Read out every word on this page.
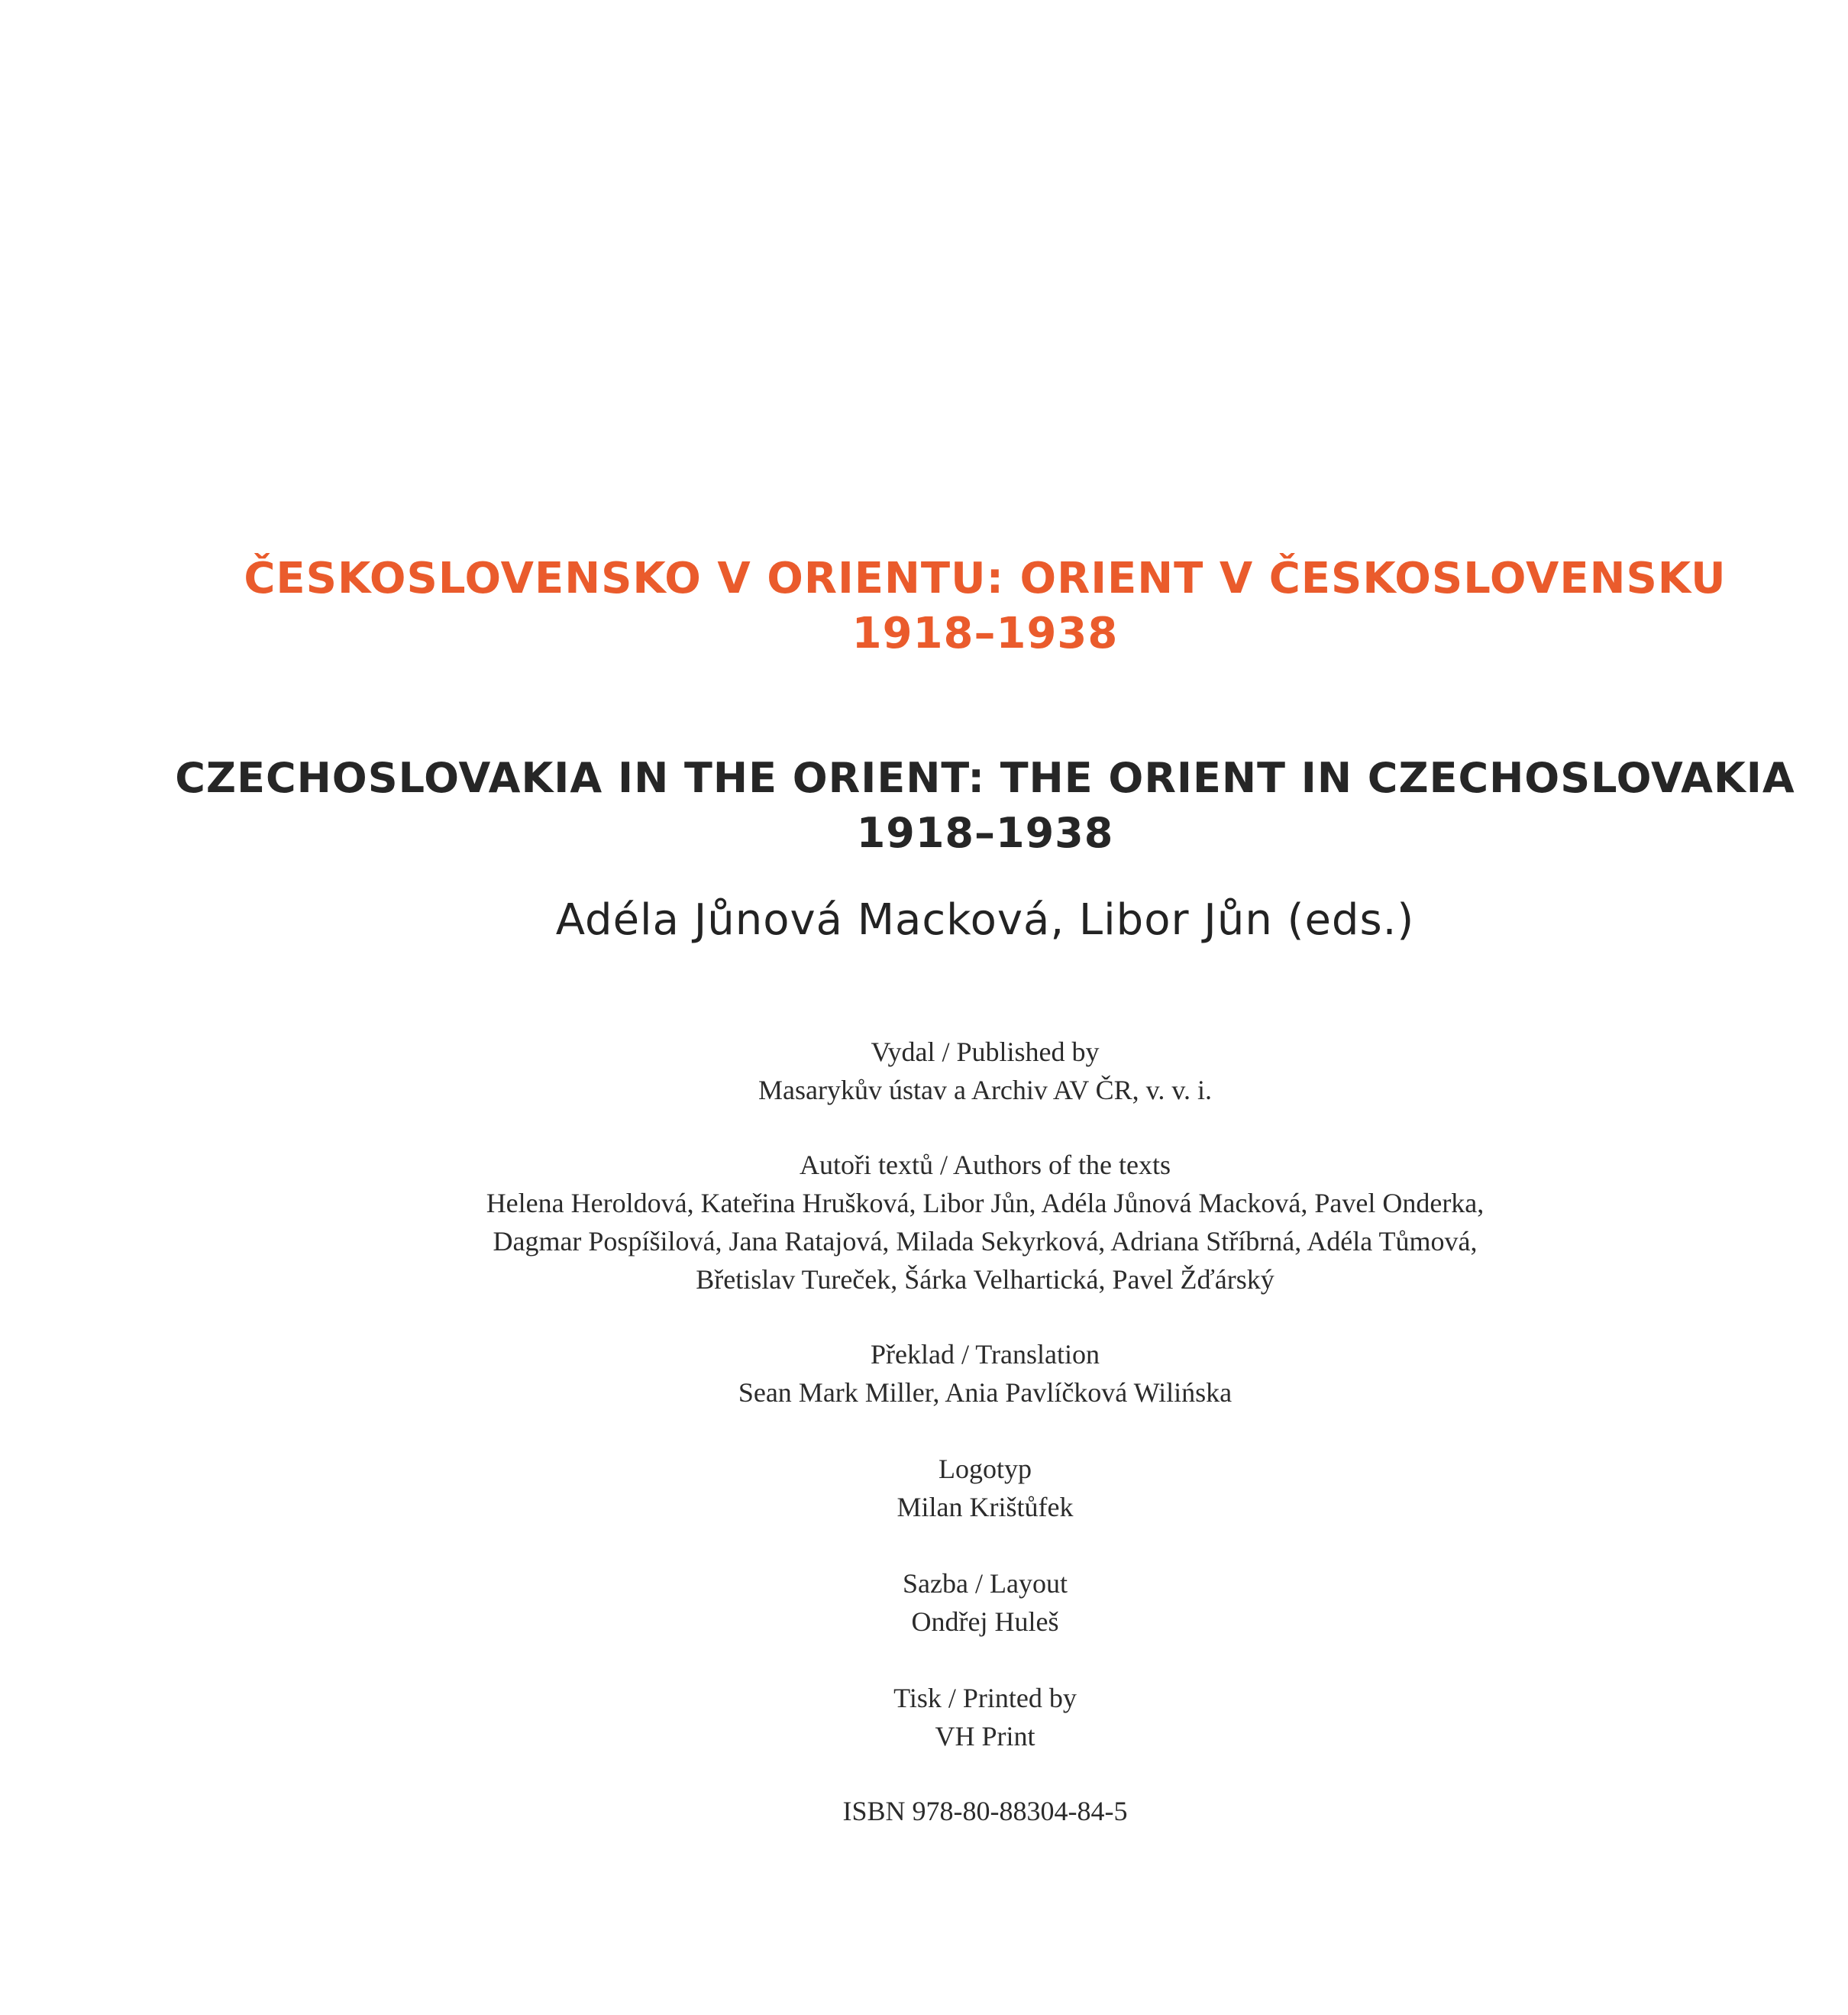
ČESKOSLOVENSKO V ORIENTU: ORIENT V ČESKOSLOVENSKU
1918–1938
CZECHOSLOVAKIA IN THE ORIENT: THE ORIENT IN CZECHOSLOVAKIA
1918–1938
Adéla Jůnová Macková, Libor Jůn (eds.)
Vydal / Published by
Masarykův ústav a Archiv AV ČR, v. v. i.
Autoři textů / Authors of the texts
Helena Heroldová, Kateřina Hrušková, Libor Jůn, Adéla Jůnová Macková, Pavel Onderka,
Dagmar Pospíšilová, Jana Ratajová, Milada Sekyrková, Adriana Stříbrná, Adéla Tůmová,
Břetislav Tureček, Šárka Velhartická, Pavel Žďárský
Překlad / Translation
Sean Mark Miller, Ania Pavlíčková Wilińska
Logotyp
Milan Krištůfek
Sazba / Layout
Ondřej Huleš
Tisk / Printed by
VH Print
ISBN 978-80-88304-84-5
